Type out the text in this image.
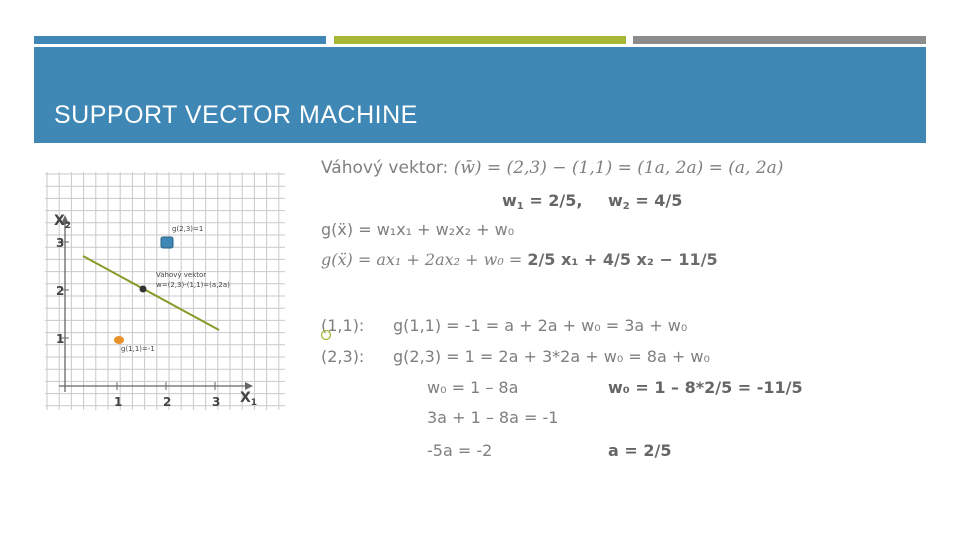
SUPPORT VECTOR MACHINE
$X_2$
$X_1$
3
2
1
1	2	3
g(2,3)=1
Váhový vektor
w=(2,3)-(1,1)=(a,2a)
g(1,1)=-1
Váhový vektor: (w̄) = (2,3) − (1,1) = (1a, 2a) = (a, 2a)
$w_1 = 2/5$, $w_2 = 4/5$
g(ẍ) = w₁x₁ + w₂x₂ + w₀
g(ẍ) = ax₁ + 2ax₂ + w₀ = 2/5 x₁ + 4/5 x₂ − 11/5
(1,1): g(1,1) = -1 = a + 2a + w₀ = 3a + w₀
(2,3): g(2,3) = 1 = 2a + 3*2a + w₀ = 8a + w₀
w₀ = 1 – 8a	w₀ = 1 – 8*2/5 = -11/5
3a + 1 – 8a = -1
-5a = -2	a = 2/5
